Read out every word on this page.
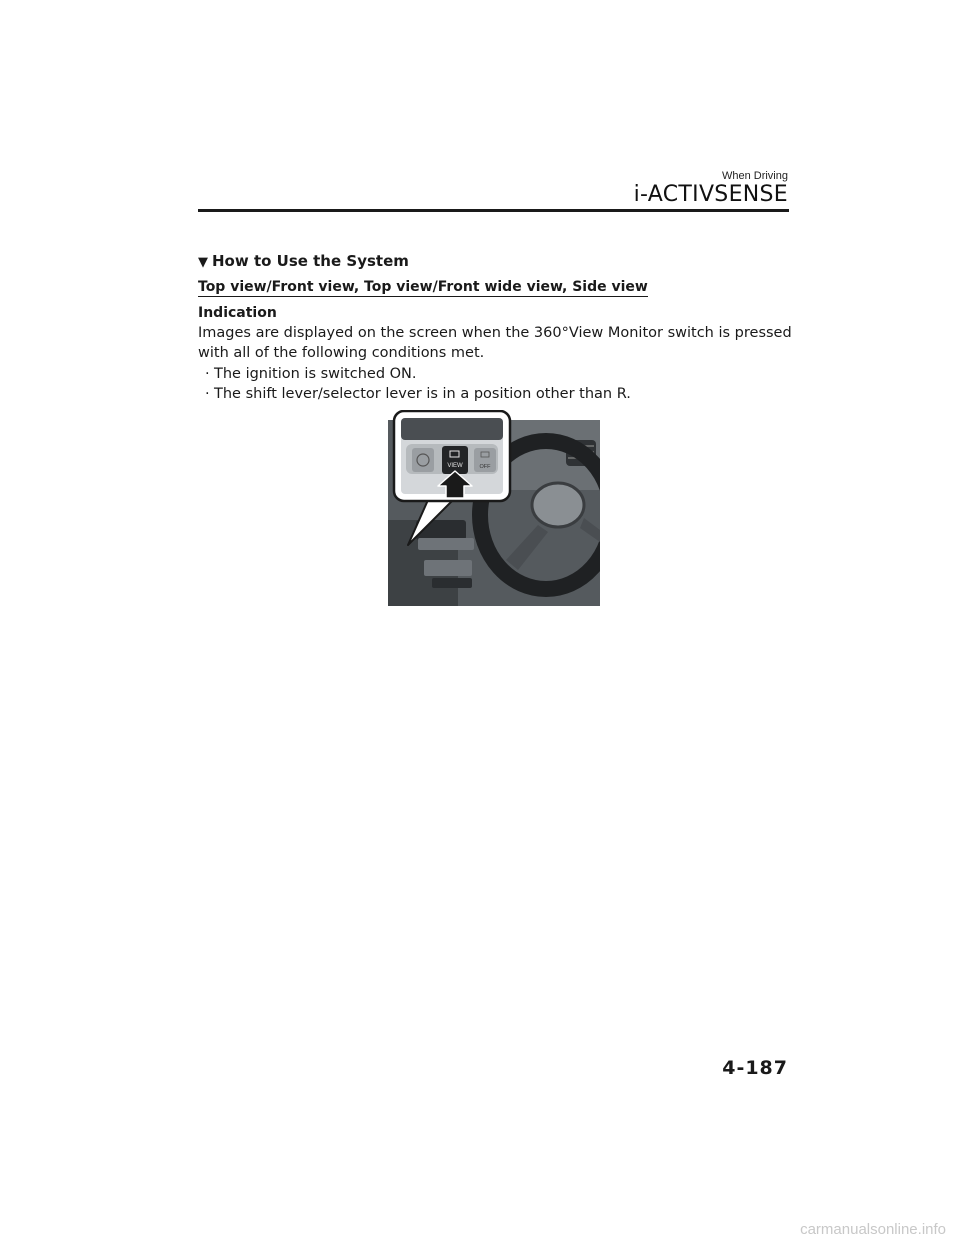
When Driving
i-ACTIVSENSE
▼ How to Use the System
Top view/Front view, Top view/Front wide view, Side view
Indication
Images are displayed on the screen when the 360°View Monitor switch is pressed with all of the following conditions met.
· The ignition is switched ON.
· The shift lever/selector lever is in a position other than R.
VIEW	OFF
4-187
carmanualsonline.info
